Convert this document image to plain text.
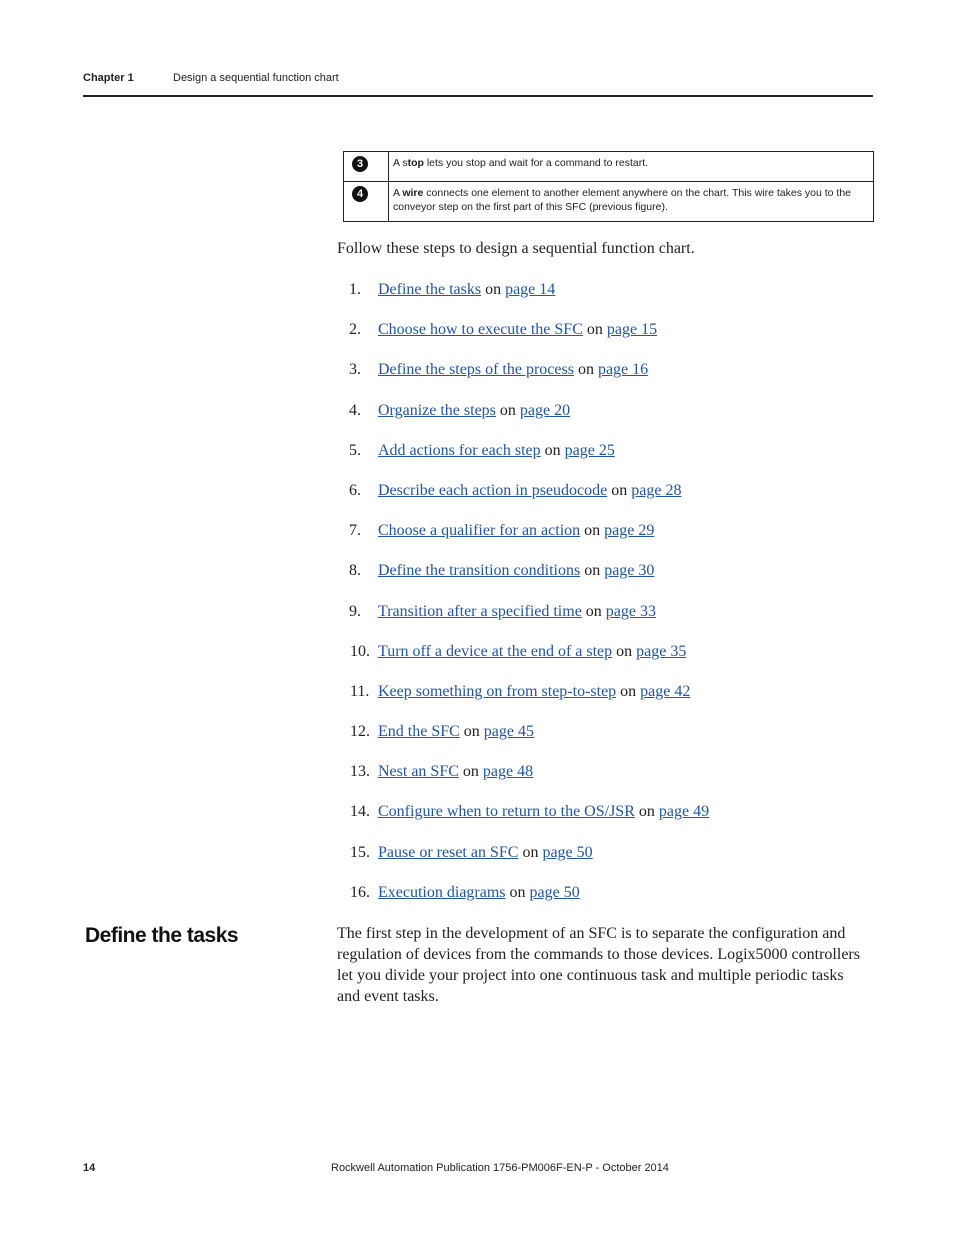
Chapter 1	Design a sequential function chart
3	A stop lets you stop and wait for a command to restart.
4	A wire connects one element to another element anywhere on the chart. This wire takes you to the conveyor step on the first part of this SFC (previous figure).

Follow these steps to design a sequential function chart.

1. Define the tasks on page 14
2. Choose how to execute the SFC on page 15
3. Define the steps of the process on page 16
4. Organize the steps on page 20
5. Add actions for each step on page 25
6. Describe each action in pseudocode on page 28
7. Choose a qualifier for an action on page 29
8. Define the transition conditions on page 30
9. Transition after a specified time on page 33
10. Turn off a device at the end of a step on page 35
11. Keep something on from step-to-step on page 42
12. End the SFC on page 45
13. Nest an SFC on page 48
14. Configure when to return to the OS/JSR on page 49
15. Pause or reset an SFC on page 50
16. Execution diagrams on page 50
Define the tasks	The first step in the development of an SFC is to separate the configuration and regulation of devices from the commands to those devices. Logix5000 controllers let you divide your project into one continuous task and multiple periodic tasks and event tasks.

14	Rockwell Automation Publication 1756-PM006F-EN-P - October 2014
